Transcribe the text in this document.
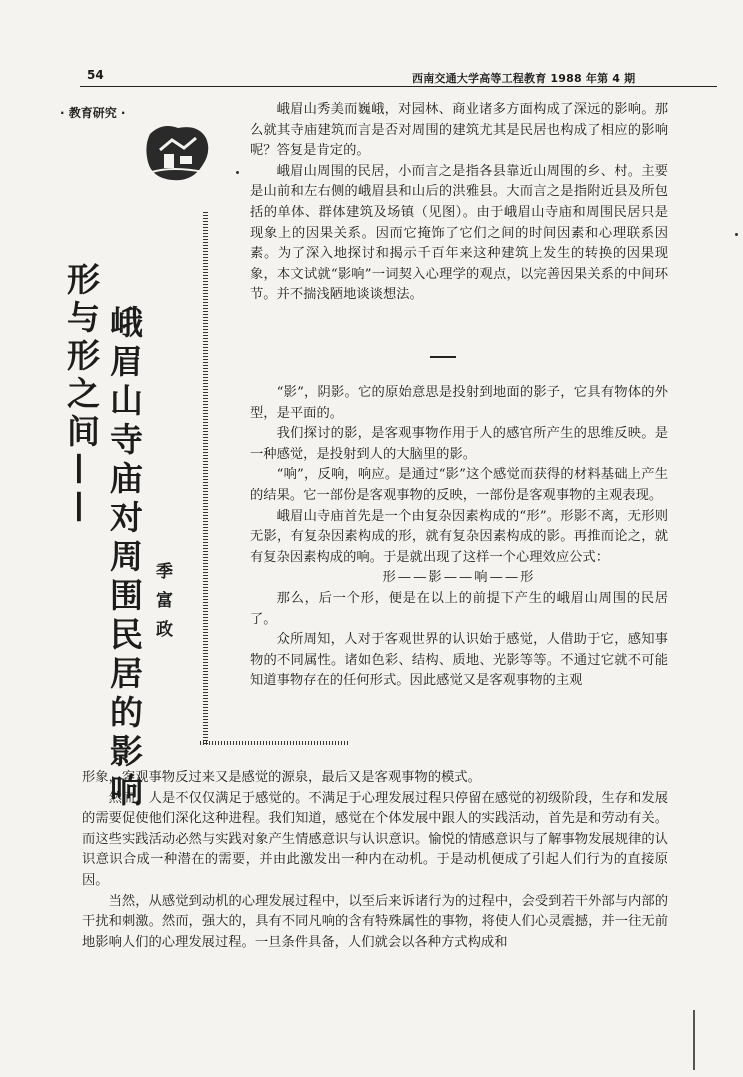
54	西南交通大学高等工程教育 1988 年第 4 期
· 教育研究 ·
形与形之间—— 峨眉山寺庙对周围民居的影响 季富政

峨眉山秀美而巍峨，对园林、商业诸多方面构成了深远的影响。那么就其寺庙建筑而言是否对周围的建筑尤其是民居也构成了相应的影响呢？答复是肯定的。

峨眉山周围的民居，小而言之是指各县靠近山周围的乡、村。主要是山前和左右侧的峨眉县和山后的洪雅县。大而言之是指附近县及所包括的单体、群体建筑及场镇（见图）。由于峨眉山寺庙和周围民居只是现象上的因果关系。因而它掩饰了它们之间的时间因素和心理联系因素。为了深入地探讨和揭示千百年来这种建筑上发生的转换的因果现象，本文试就“影响”一词契入心理学的观点，以完善因果关系的中间环节。并不揣浅陋地谈谈想法。

“影”，阴影。它的原始意思是投射到地面的影子，它具有物体的外型，是平面的。

我们探讨的影，是客观事物作用于人的感官所产生的思维反映。是一种感觉，是投射到人的大脑里的影。

“响”，反响，响应。是通过“影”这个感觉而获得的材料基础上产生的结果。它一部份是客观事物的反映，一部份是客观事物的主观表现。

峨眉山寺庙首先是一个由复杂因素构成的“形”。形影不离，无形则无影，有复杂因素构成的形，就有复杂因素构成的影。再推而论之，就有复杂因素构成的响。于是就出现了这样一个心理效应公式：

形——影——响——形

那么，后一个形，便是在以上的前提下产生的峨眉山周围的民居了。

众所周知，人对于客观世界的认识始于感觉，人借助于它，感知事物的不同属性。诸如色彩、结构、质地、光影等等。不通过它就不可能知道事物存在的任何形式。因此感觉又是客观事物的主观

形象，客观事物反过来又是感觉的源泉，最后又是客观事物的模式。

然而，人是不仅仅满足于感觉的。不满足于心理发展过程只停留在感觉的初级阶段，生存和发展的需要促使他们深化这种进程。我们知道，感觉在个体发展中跟人的实践活动，首先是和劳动有关。而这些实践活动必然与实践对象产生情感意识与认识意识。愉悦的情感意识与了解事物发展规律的认识意识合成一种潜在的需要，并由此激发出一种内在动机。于是动机便成了引起人们行为的直接原因。

当然，从感觉到动机的心理发展过程中，以至后来诉诸行为的过程中，会受到若干外部与内部的干扰和刺激。然而，强大的，具有不同凡响的含有特殊属性的事物，将使人们心灵震撼，并一往无前地影响人们的心理发展过程。一旦条件具备，人们就会以各种方式构成和
